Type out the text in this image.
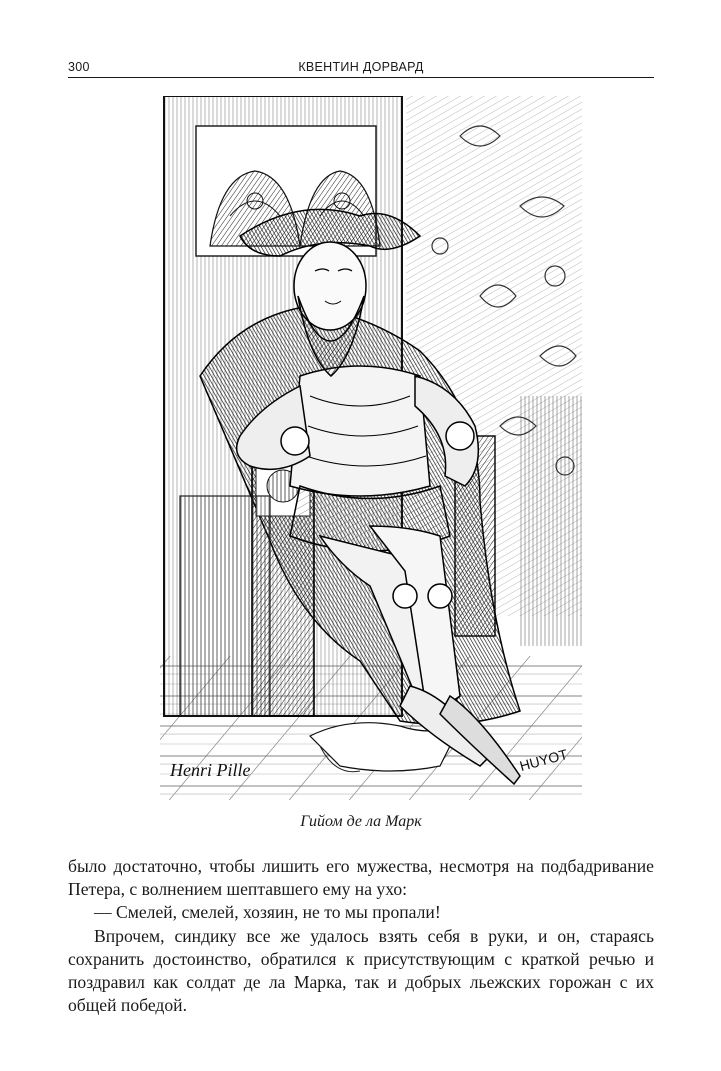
300	КВЕНТИН ДОРВАРД
Henri Pille	HUYOT
Гийом де ла Марк

было достаточно, чтобы лишить его мужества, несмотря на подбадривание Петера, с волнением шептавшего ему на ухо:

— Смелей, смелей, хозяин, не то мы пропали!

Впрочем, синдику все же удалось взять себя в руки, и он, стараясь сохранить достоинство, обратился к присутствующим с краткой речью и поздравил как солдат де ла Марка, так и добрых льежских горожан с их общей победой.
